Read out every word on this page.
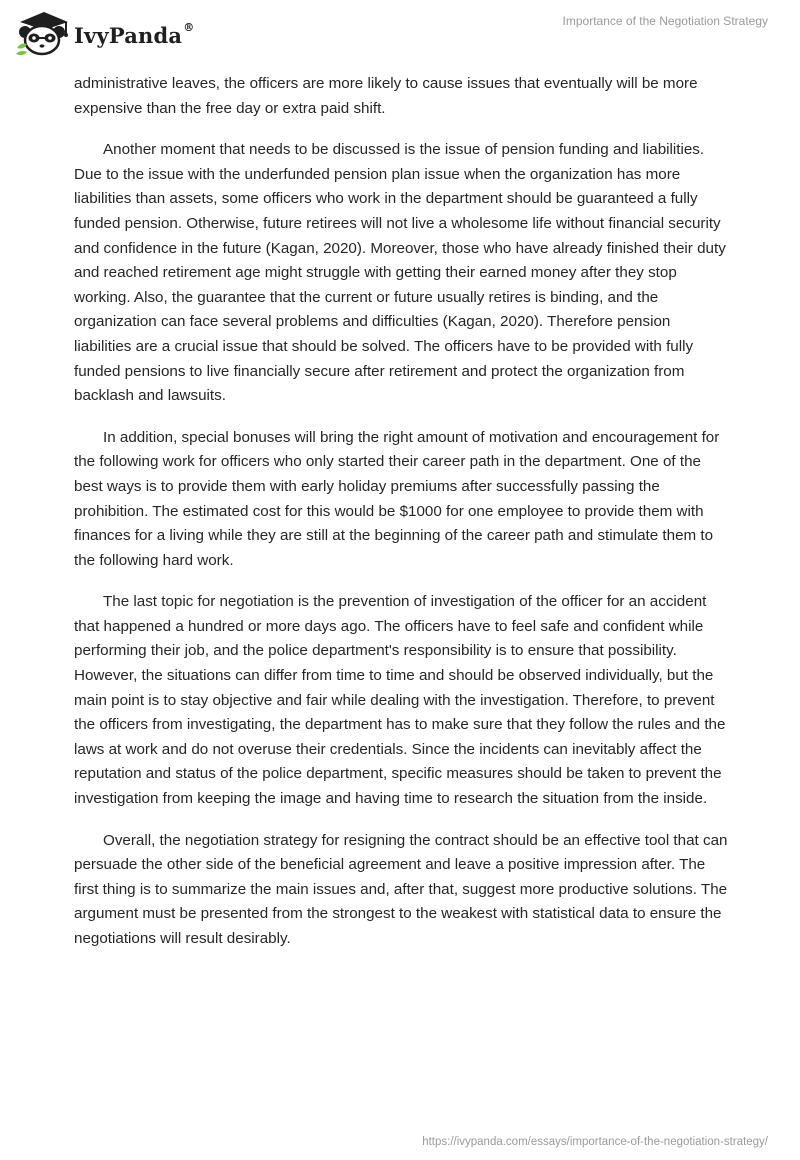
IvyPanda®	Importance of the Negotiation Strategy

administrative leaves, the officers are more likely to cause issues that eventually will be more expensive than the free day or extra paid shift.

Another moment that needs to be discussed is the issue of pension funding and liabilities. Due to the issue with the underfunded pension plan issue when the organization has more liabilities than assets, some officers who work in the department should be guaranteed a fully funded pension. Otherwise, future retirees will not live a wholesome life without financial security and confidence in the future (Kagan, 2020). Moreover, those who have already finished their duty and reached retirement age might struggle with getting their earned money after they stop working. Also, the guarantee that the current or future usually retires is binding, and the organization can face several problems and difficulties (Kagan, 2020). Therefore pension liabilities are a crucial issue that should be solved. The officers have to be provided with fully funded pensions to live financially secure after retirement and protect the organization from backlash and lawsuits.

In addition, special bonuses will bring the right amount of motivation and encouragement for the following work for officers who only started their career path in the department. One of the best ways is to provide them with early holiday premiums after successfully passing the prohibition. The estimated cost for this would be $1000 for one employee to provide them with finances for a living while they are still at the beginning of the career path and stimulate them to the following hard work.

The last topic for negotiation is the prevention of investigation of the officer for an accident that happened a hundred or more days ago. The officers have to feel safe and confident while performing their job, and the police department's responsibility is to ensure that possibility. However, the situations can differ from time to time and should be observed individually, but the main point is to stay objective and fair while dealing with the investigation. Therefore, to prevent the officers from investigating, the department has to make sure that they follow the rules and the laws at work and do not overuse their credentials. Since the incidents can inevitably affect the reputation and status of the police department, specific measures should be taken to prevent the investigation from keeping the image and having time to research the situation from the inside.

Overall, the negotiation strategy for resigning the contract should be an effective tool that can persuade the other side of the beneficial agreement and leave a positive impression after. The first thing is to summarize the main issues and, after that, suggest more productive solutions. The argument must be presented from the strongest to the weakest with statistical data to ensure the negotiations will result desirably.

https://ivypanda.com/essays/importance-of-the-negotiation-strategy/
